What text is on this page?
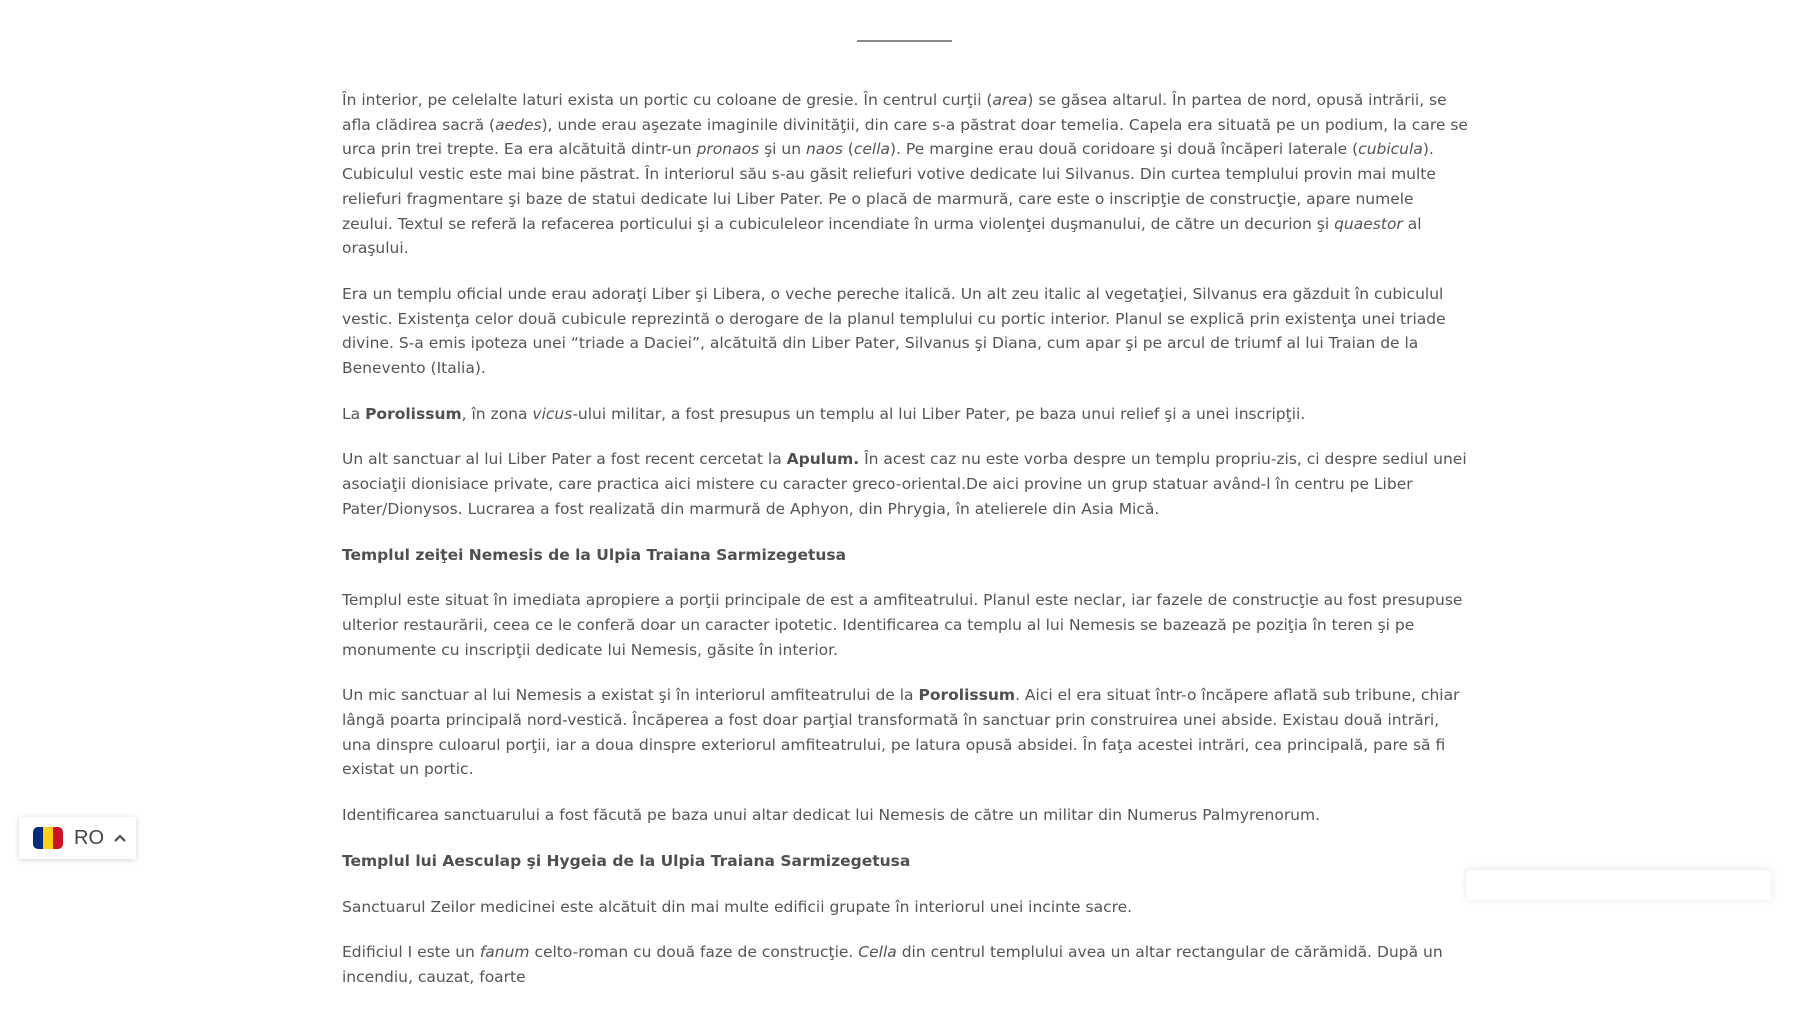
În interior, pe celelalte laturi exista un portic cu coloane de gresie. În centrul curţii (area) se găsea altarul. În partea de nord, opusă intrării, se afla clădirea sacră (aedes), unde erau aşezate imaginile divinităţii, din care s-a păstrat doar temelia. Capela era situată pe un podium, la care se urca prin trei trepte. Ea era alcătuită dintr-un pronaos şi un naos (cella). Pe margine erau două coridoare şi două încăperi laterale (cubicula). Cubiculul vestic este mai bine păstrat. În interiorul său s-au găsit reliefuri votive dedicate lui Silvanus. Din curtea templului provin mai multe reliefuri fragmentare şi baze de statui dedicate lui Liber Pater. Pe o placă de marmură, care este o inscripţie de construcţie, apare numele zeului. Textul se referă la refacerea porticului şi a cubiculeleor incendiate în urma violenţei duşmanului, de către un decurion şi quaestor al oraşului.

Era un templu oficial unde erau adoraţi Liber şi Libera, o veche pereche italică. Un alt zeu italic al vegetaţiei, Silvanus era găzduit în cubiculul vestic. Existenţa celor două cubicule reprezintă o derogare de la planul templului cu portic interior. Planul se explică prin existenţa unei triade divine. S-a emis ipoteza unei “triade a Daciei”, alcătuită din Liber Pater, Silvanus şi Diana, cum apar şi pe arcul de triumf al lui Traian de la Benevento (Italia).

La Porolissum, în zona vicus-ului militar, a fost presupus un templu al lui Liber Pater, pe baza unui relief şi a unei inscripţii.

Un alt sanctuar al lui Liber Pater a fost recent cercetat la Apulum. În acest caz nu este vorba despre un templu propriu-zis, ci despre sediul unei asociaţii dionisiace private, care practica aici mistere cu caracter greco-oriental.De aici provine un grup statuar având-l în centru pe Liber Pater/Dionysos. Lucrarea a fost realizată din marmură de Aphyon, din Phrygia, în atelierele din Asia Mică.

Templul zeiţei Nemesis de la Ulpia Traiana Sarmizegetusa

Templul este situat în imediata apropiere a porţii principale de est a amfiteatrului. Planul este neclar, iar fazele de construcţie au fost presupuse ulterior restaurării, ceea ce le conferă doar un caracter ipotetic. Identificarea ca templu al lui Nemesis se bazează pe poziţia în teren şi pe monumente cu inscripţii dedicate lui Nemesis, găsite în interior.

Un mic sanctuar al lui Nemesis a existat şi în interiorul amfiteatrului de la Porolissum. Aici el era situat într-o încăpere aflată sub tribune, chiar lângă poarta principală nord-vestică. Încăperea a fost doar parţial transformată în sanctuar prin construirea unei abside. Existau două intrări, una dinspre culoarul porţii, iar a doua dinspre exteriorul amfiteatrului, pe latura opusă absidei. În faţa acestei intrări, cea principală, pare să fi existat un portic.

Identificarea sanctuarului a fost făcută pe baza unui altar dedicat lui Nemesis de către un militar din Numerus Palmyrenorum.

Templul lui Aesculap şi Hygeia de la Ulpia Traiana Sarmizegetusa

Sanctuarul Zeilor medicinei este alcătuit din mai multe edificii grupate în interiorul unei incinte sacre.

Edificiul I este un fanum celto-roman cu două faze de construcţie. Cella din centrul templului avea un altar rectangular de cărămidă. După un incendiu, cauzat, foarte

RO
